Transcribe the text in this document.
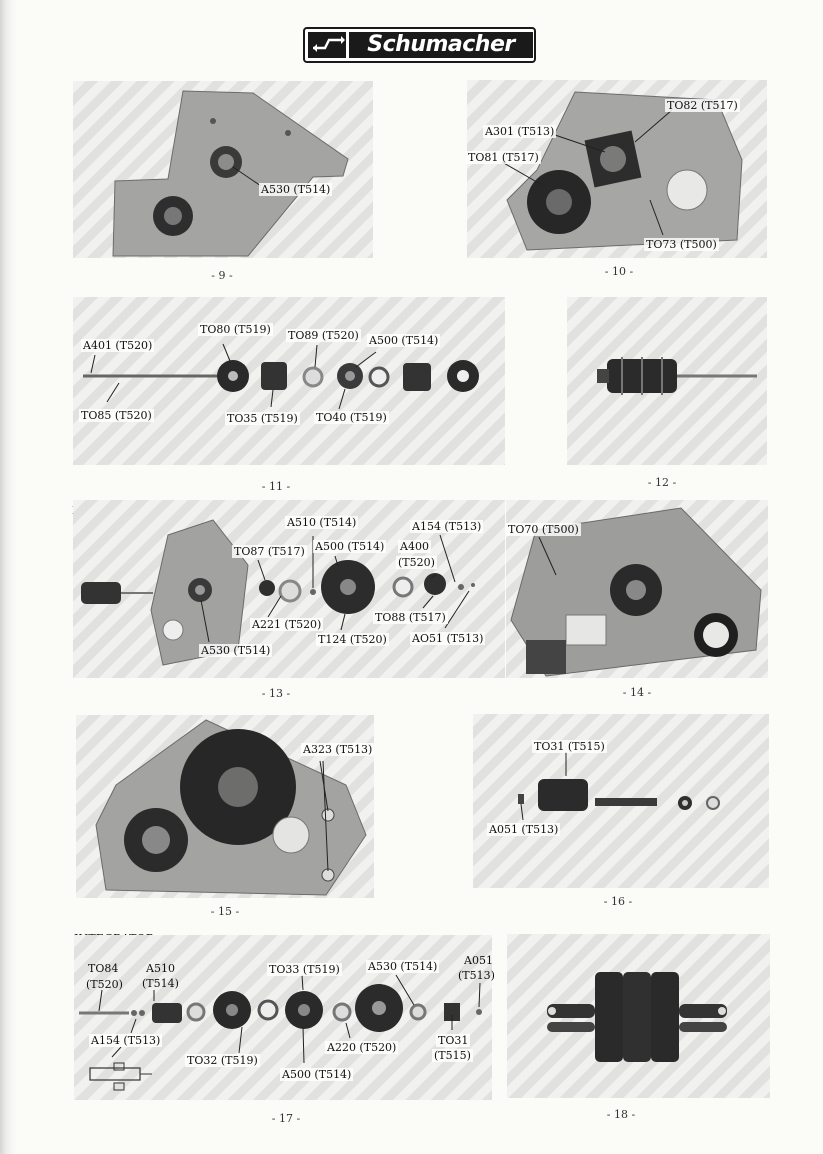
Schumacher
A530 (T514)
- 9 -
TO82 (T517)
A301 (T513)
TO81 (T517)
TO73 (T500)
- 10 -
TO80 (T519) TO89 (T520) A500 (T514)
A401 (T520)
TO85 (T520)	TO35 (T519) TO40 (T519)
- 11 -	- 12 -
A510 (T514)	A154 (T513)
TO87 (T517) A500 (T514) A400
(T520)
A221 (T520)
TO88 (T517)
T124 (T520) AO51 (T513)
A530 (T514)
- 13 -
TO70 (T500)
- 14 -
A323 (T513)
- 15 -
TO31 (T515)
A051 (T513)
- 16 -
TO84
(T520)
A510
(T514)
TO33 (T519)	A530 (T514) A051
(T513)
A154 (T513)
A220 (T520)
TO31
(T515)
TO32 (T519)
A500 (T514)
- 17 -	- 18 -
